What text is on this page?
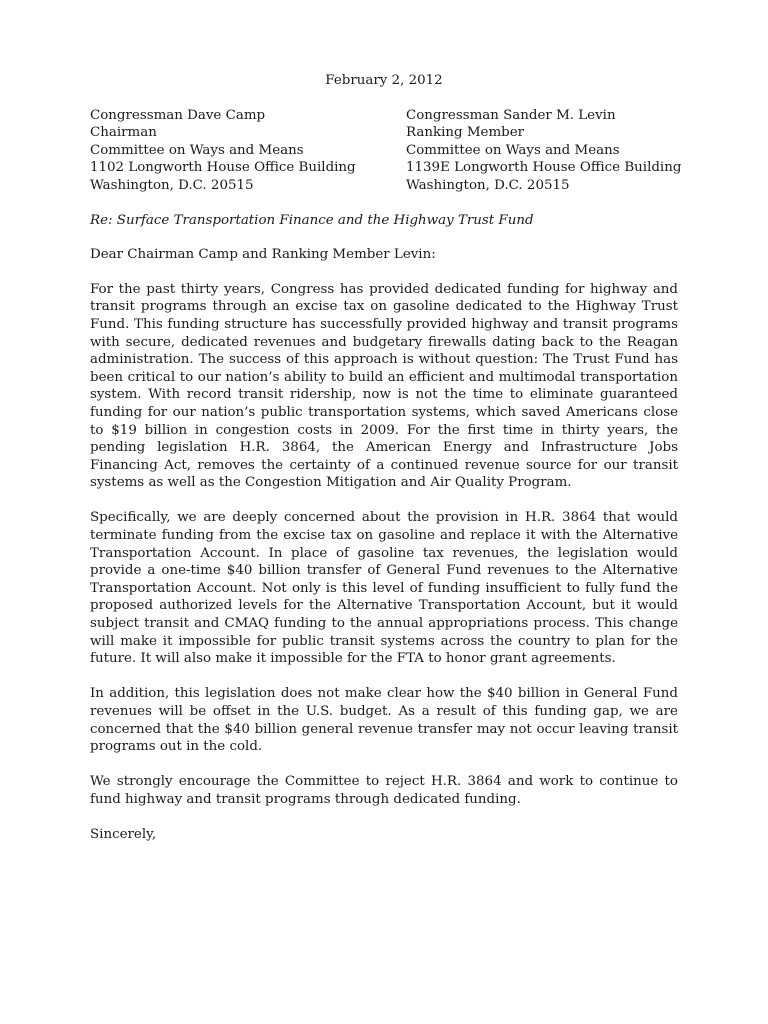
February 2, 2012
Congressman Dave Camp
Chairman
Committee on Ways and Means
1102 Longworth House Office Building
Washington, D.C. 20515
Congressman Sander M. Levin
Ranking Member
Committee on Ways and Means
1139E Longworth House Office Building
Washington, D.C. 20515
Re: Surface Transportation Finance and the Highway Trust Fund
Dear Chairman Camp and Ranking Member Levin:

For the past thirty years, Congress has provided dedicated funding for highway and transit programs through an excise tax on gasoline dedicated to the Highway Trust Fund. This funding structure has successfully provided highway and transit programs with secure, dedicated revenues and budgetary firewalls dating back to the Reagan administration. The success of this approach is without question: The Trust Fund has been critical to our nation’s ability to build an efficient and multimodal transportation system. With record transit ridership, now is not the time to eliminate guaranteed funding for our nation’s public transportation systems, which saved Americans close to $19 billion in congestion costs in 2009. For the first time in thirty years, the pending legislation H.R. 3864, the American Energy and Infrastructure Jobs Financing Act, removes the certainty of a continued revenue source for our transit systems as well as the Congestion Mitigation and Air Quality Program.

Specifically, we are deeply concerned about the provision in H.R. 3864 that would terminate funding from the excise tax on gasoline and replace it with the Alternative Transportation Account. In place of gasoline tax revenues, the legislation would provide a one-time $40 billion transfer of General Fund revenues to the Alternative Transportation Account. Not only is this level of funding insufficient to fully fund the proposed authorized levels for the Alternative Transportation Account, but it would subject transit and CMAQ funding to the annual appropriations process. This change will make it impossible for public transit systems across the country to plan for the future. It will also make it impossible for the FTA to honor grant agreements.

In addition, this legislation does not make clear how the $40 billion in General Fund revenues will be offset in the U.S. budget. As a result of this funding gap, we are concerned that the $40 billion general revenue transfer may not occur leaving transit programs out in the cold.

We strongly encourage the Committee to reject H.R. 3864 and work to continue to fund highway and transit programs through dedicated funding.

Sincerely,
